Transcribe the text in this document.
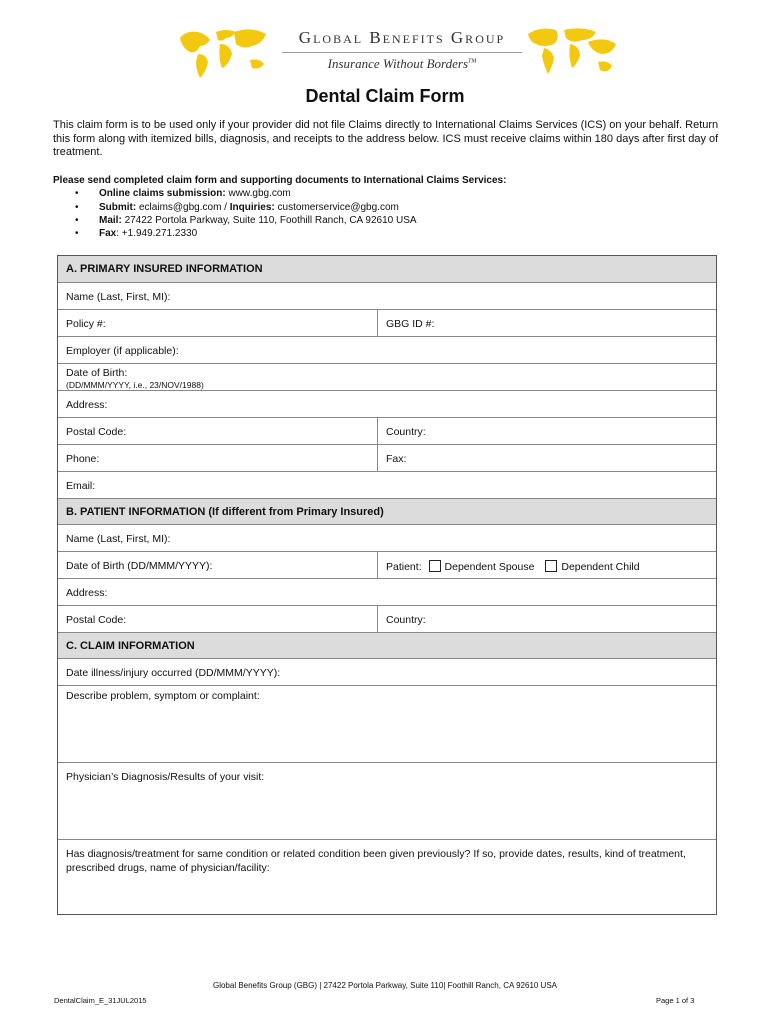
Global Benefits Group
Insurance Without Borders™
Dental Claim Form
This claim form is to be used only if your provider did not file Claims directly to International Claims Services (ICS) on your behalf. Return this form along with itemized bills, diagnosis, and receipts to the address below. ICS must receive claims within 180 days after first day of treatment.
Please send completed claim form and supporting documents to International Claims Services:
• Online claims submission: www.gbg.com
• Submit: eclaims@gbg.com / Inquiries: customerservice@gbg.com
• Mail: 27422 Portola Parkway, Suite 110, Foothill Ranch, CA 92610 USA
• Fax: +1.949.271.2330
A. PRIMARY INSURED INFORMATION
Name (Last, First, MI):
Policy #:	GBG ID #:
Employer (if applicable):
Date of Birth:
(DD/MMM/YYYY, i.e., 23/NOV/1988)
Address:
Postal Code:	Country:
Phone:	Fax:
Email:
B. PATIENT INFORMATION (If different from Primary Insured)
Name (Last, First, MI):
Date of Birth (DD/MMM/YYYY):	Patient: Dependent Spouse	Dependent Child
Address:
Postal Code:	Country:
C. CLAIM INFORMATION
Date illness/injury occurred (DD/MMM/YYYY):
Describe problem, symptom or complaint:
Physician’s Diagnosis/Results of your visit:
Has diagnosis/treatment for same condition or related condition been given previously? If so, provide dates, results, kind of treatment, prescribed drugs, name of physician/facility:
Global Benefits Group (GBG) | 27422 Portola Parkway, Suite 110| Foothill Ranch, CA 92610 USA
DentalClaim_E_31JUL2015	Page 1 of 3
